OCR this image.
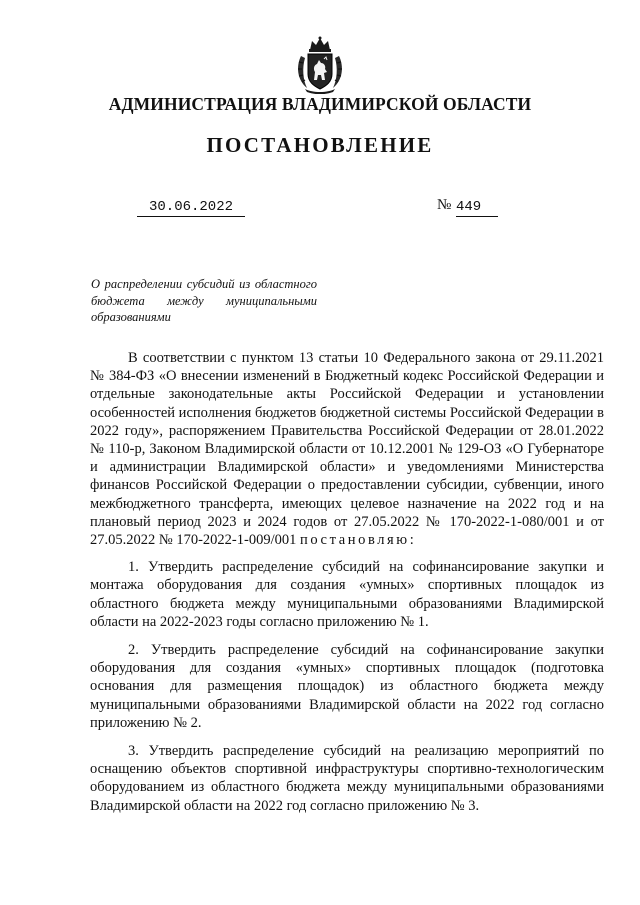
АДМИНИСТРАЦИЯ ВЛАДИМИРСКОЙ ОБЛАСТИ
ПОСТАНОВЛЕНИЕ
30.06.2022	№ 449
О распределении субсидий из областного
бюджета между муниципальными
образованиями

В соответствии с пунктом 13 статьи 10 Федерального закона от 29.11.2021 № 384-ФЗ «О внесении изменений в Бюджетный кодекс Российской Федерации и отдельные законодательные акты Российской Федерации и установлении особенностей исполнения бюджетов бюджетной системы Российской Федерации в 2022 году», распоряжением Правительства Российской Федерации от 28.01.2022 № 110-р, Законом Владимирской области от 10.12.2001 № 129-ОЗ «О Губернаторе и администрации Владимирской области» и уведомлениями Министерства финансов Российской Федерации о предоставлении субсидии, субвенции, иного межбюджетного трансферта, имеющих целевое назначение на 2022 год и на плановый период 2023 и 2024 годов от 27.05.2022 № 170-2022-1-080/001 и от 27.05.2022 № 170-2022-1-009/001 постановляю:

1. Утвердить распределение субсидий на софинансирование закупки и монтажа оборудования для создания «умных» спортивных площадок из областного бюджета между муниципальными образованиями Владимирской области на 2022-2023 годы согласно приложению № 1.

2. Утвердить распределение субсидий на софинансирование закупки оборудования для создания «умных» спортивных площадок (подготовка основания для размещения площадок) из областного бюджета между муниципальными образованиями Владимирской области на 2022 год согласно приложению № 2.

3. Утвердить распределение субсидий на реализацию мероприятий по оснащению объектов спортивной инфраструктуры спортивно-технологическим оборудованием из областного бюджета между муниципальными образованиями Владимирской области на 2022 год согласно приложению № 3.
